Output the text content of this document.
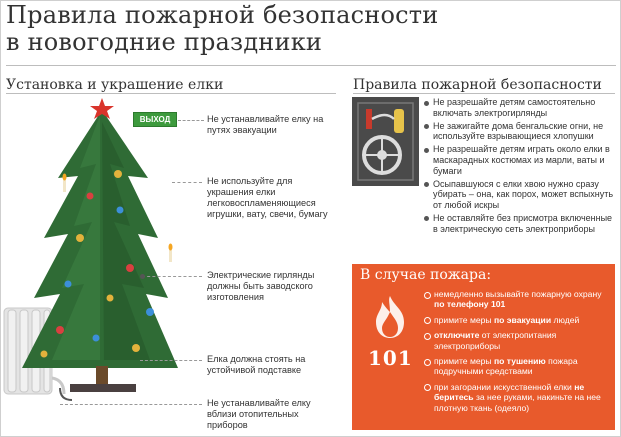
Правила пожарной безопасности
в новогодние праздники
Установка и украшение елки	Правила пожарной безопасности
ВЫХОД	Не устанавливайте елку на путях эвакуации
Не используйте для украшения елки легковоспламеняющиеся игрушки, вату, свечи, бумагу
Электрические гирлянды должны быть заводского изготовления
Елка должна стоять на устойчивой подставке
Не устанавливайте елку вблизи отопительных приборов
Не разрешайте детям самостоятельно включать электрогирлянды
Не зажигайте дома бенгальские огни, не используйте взрывающиеся хлопушки
Не разрешайте детям играть около елки в маскарадных костюмах из марли, ваты и бумаги
Осыпавшуюся с елки хвою нужно сразу убирать – она, как порох, может вспыхнуть от любой искры
Не оставляйте без присмотра включенные в электрическую сеть электроприборы
В случае пожара:
101
немедленно вызывайте пожарную охрану по телефону 101
примите меры по эвакуации людей
отключите от электропитания электроприборы
примите меры по тушению пожара подручными средствами
при загорании искусственной елки не беритесь за нее руками, накиньте на нее плотную ткань (одеяло)
